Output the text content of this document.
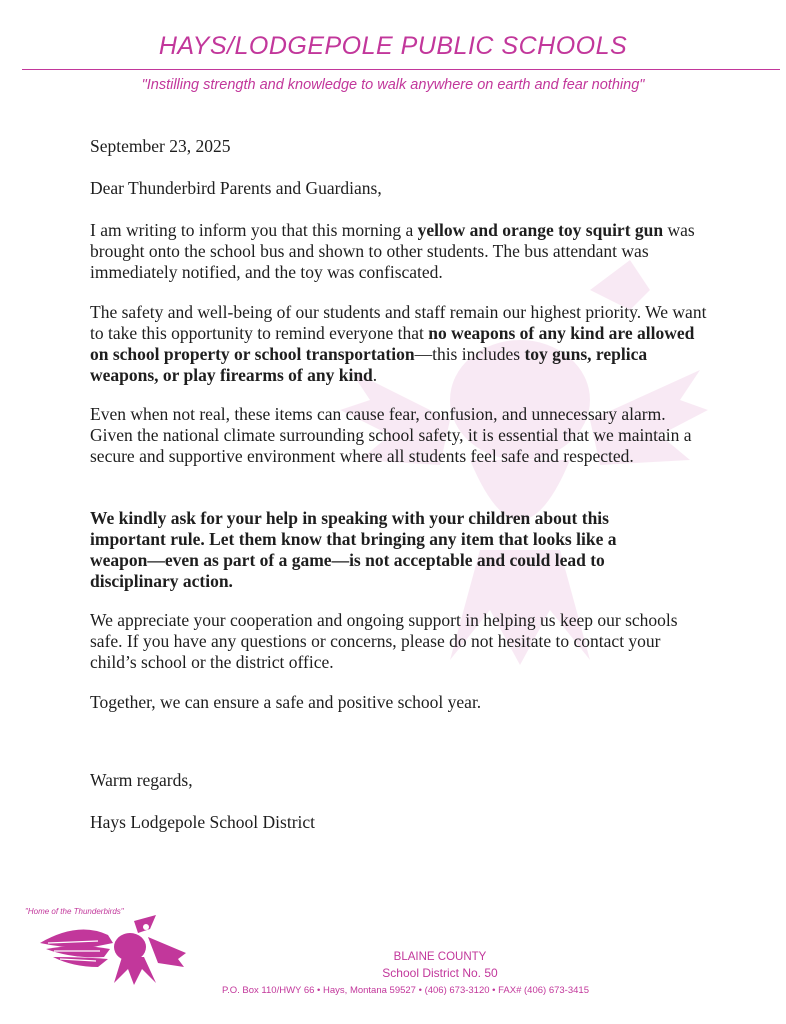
HAYS/LODGEPOLE PUBLIC SCHOOLS
"Instilling strength and knowledge to walk anywhere on earth and fear nothing"

September 23, 2025

Dear Thunderbird Parents and Guardians,

I am writing to inform you that this morning a yellow and orange toy squirt gun was brought onto the school bus and shown to other students. The bus attendant was immediately notified, and the toy was confiscated.

The safety and well-being of our students and staff remain our highest priority. We want to take this opportunity to remind everyone that no weapons of any kind are allowed on school property or school transportation—this includes toy guns, replica weapons, or play firearms of any kind.

Even when not real, these items can cause fear, confusion, and unnecessary alarm. Given the national climate surrounding school safety, it is essential that we maintain a secure and supportive environment where all students feel safe and respected.

We kindly ask for your help in speaking with your children about this important rule. Let them know that bringing any item that looks like a weapon—even as part of a game—is not acceptable and could lead to disciplinary action.

We appreciate your cooperation and ongoing support in helping us keep our schools safe. If you have any questions or concerns, please do not hesitate to contact your child’s school or the district office.

Together, we can ensure a safe and positive school year.

Warm regards,

Hays Lodgepole School District

"Home of the Thunderbirds"
BLAINE COUNTY
School District No. 50
P.O. Box 110/HWY 66 • Hays, Montana 59527 • (406) 673-3120 • FAX# (406) 673-3415
